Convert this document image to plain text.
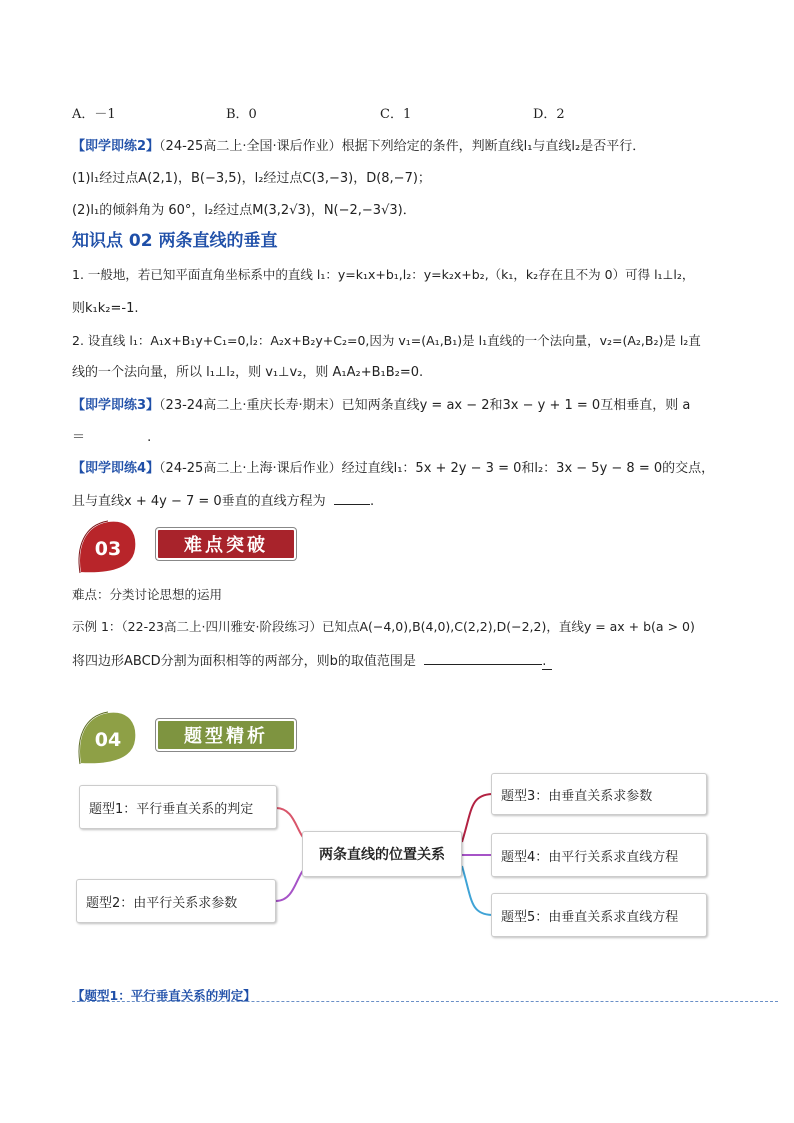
A．－1	B．0	C．1	D．2
【即学即练2】（24-25高二上·全国·课后作业）根据下列给定的条件，判断直线l₁与直线l₂是否平行．
(1)l₁经过点A(2,1)，B(−3,5)，l₂经过点C(3,−3)，D(8,−7)；
(2)l₁的倾斜角为 60°，l₂经过点M(3,2√3)，N(−2,−3√3)．
知识点 02 两条直线的垂直
1. 一般地，若已知平面直角坐标系中的直线 l₁：y=k₁x+b₁,l₂：y=k₂x+b₂,（k₁，k₂存在且不为 0）可得 l₁⊥l₂，
则k₁k₂=-1.
2. 设直线 l₁：A₁x+B₁y+C₁=0,l₂：A₂x+B₂y+C₂=0,因为 v₁=(A₁,B₁)是 l₁直线的一个法向量，v₂=(A₂,B₂)是 l₂直
线的一个法向量，所以 l₁⊥l₂，则 v₁⊥v₂，则 A₁A₂+B₁B₂=0.
【即学即练3】（23-24高二上·重庆长寿·期末）已知两条直线y = ax − 2和3x − y + 1 = 0互相垂直，则 a
＝	.
【即学即练4】（24-25高二上·上海·课后作业）经过直线l₁：5x + 2y − 3 = 0和l₂：3x − 5y − 8 = 0的交点，
且与直线x + 4y − 7 = 0垂直的直线方程为	.
03	难点突破
难点：分类讨论思想的运用
示例 1：（22-23高二上·四川雅安·阶段练习）已知点A(−4,0),B(4,0),C(2,2),D(−2,2)，直线y = ax + b(a > 0)
将四边形ABCD分割为面积相等的两部分，则b的取值范围是	.
04	题型精析
题型1：平行垂直关系的判定
题型2：由平行关系求参数
两条直线的位置关系
题型3：由垂直关系求参数
题型4：由平行关系求直线方程
题型5：由垂直关系求直线方程
【题型1：平行垂直关系的判定】
